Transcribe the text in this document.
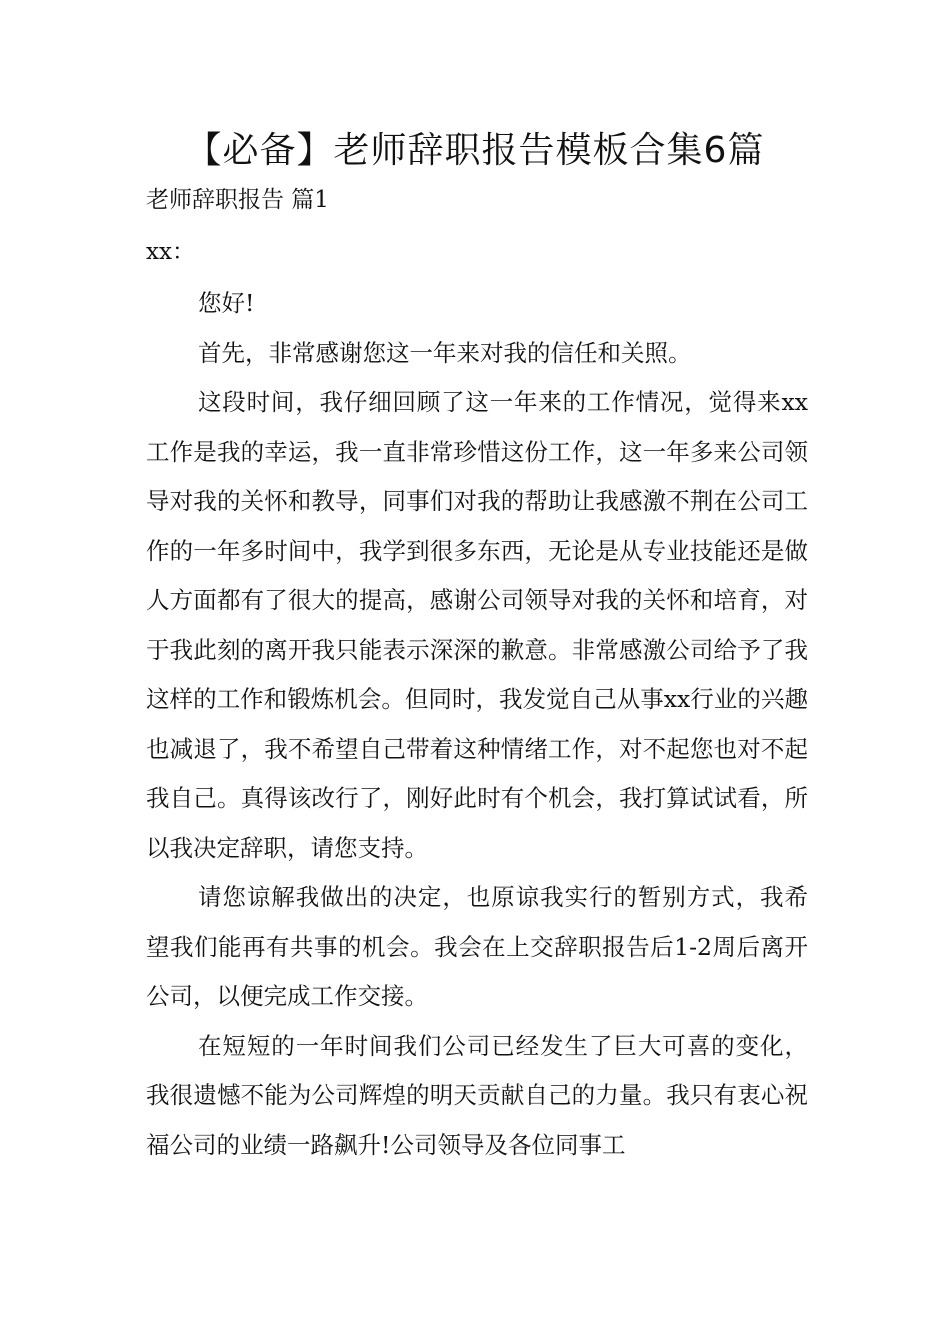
【必备】老师辞职报告模板合集6篇
老师辞职报告 篇1
xx：

您好!

首先，非常感谢您这一年来对我的信任和关照。

这段时间，我仔细回顾了这一年来的工作情况，觉得来xx工作是我的幸运，我一直非常珍惜这份工作，这一年多来公司领导对我的关怀和教导，同事们对我的帮助让我感激不荆在公司工作的一年多时间中，我学到很多东西，无论是从专业技能还是做人方面都有了很大的提高，感谢公司领导对我的关怀和培育，对于我此刻的离开我只能表示深深的歉意。非常感激公司给予了我这样的工作和锻炼机会。但同时，我发觉自己从事xx行业的兴趣也减退了，我不希望自己带着这种情绪工作，对不起您也对不起我自己。真得该改行了，刚好此时有个机会，我打算试试看，所以我决定辞职，请您支持。

请您谅解我做出的决定，也原谅我实行的暂别方式，我希望我们能再有共事的机会。我会在上交辞职报告后1-2周后离开公司，以便完成工作交接。

在短短的一年时间我们公司已经发生了巨大可喜的变化，我很遗憾不能为公司辉煌的明天贡献自己的力量。我只有衷心祝福公司的业绩一路飙升!公司领导及各位同事工
